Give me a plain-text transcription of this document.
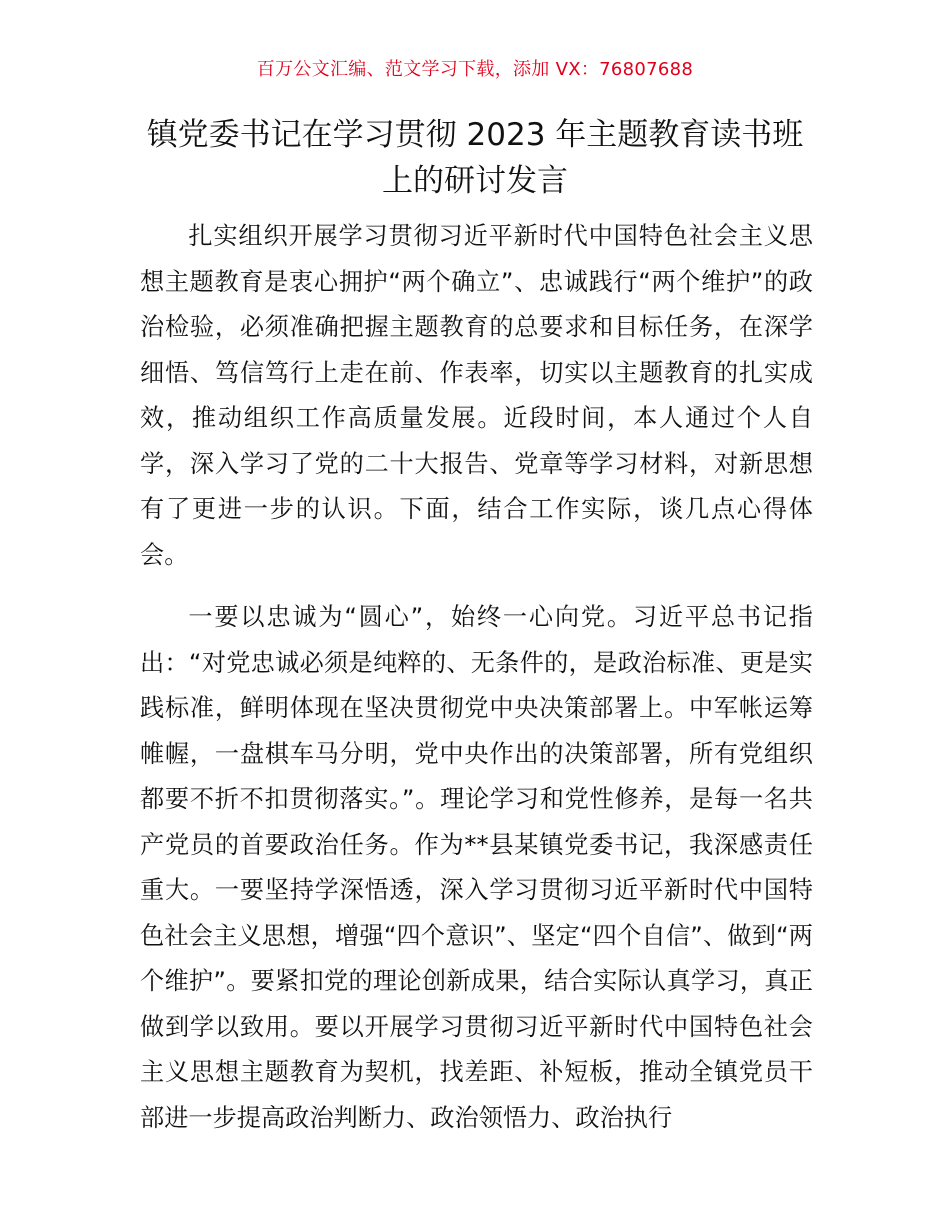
百万公文汇编、范文学习下载，添加 VX：76807688
镇党委书记在学习贯彻 2023 年主题教育读书班
上的研讨发言

扎实组织开展学习贯彻习近平新时代中国特色社会主义思想主题教育是衷心拥护“两个确立”、忠诚践行“两个维护”的政治检验，必须准确把握主题教育的总要求和目标任务，在深学细悟、笃信笃行上走在前、作表率，切实以主题教育的扎实成效，推动组织工作高质量发展。近段时间，本人通过个人自学，深入学习了党的二十大报告、党章等学习材料，对新思想有了更进一步的认识。下面，结合工作实际，谈几点心得体会。

一要以忠诚为“圆心”，始终一心向党。习近平总书记指出：“对党忠诚必须是纯粹的、无条件的，是政治标准、更是实践标准，鲜明体现在坚决贯彻党中央决策部署上。中军帐运筹帷幄，一盘棋车马分明，党中央作出的决策部署，所有党组织都要不折不扣贯彻落实。”。理论学习和党性修养，是每一名共产党员的首要政治任务。作为**县某镇党委书记，我深感责任重大。一要坚持学深悟透，深入学习贯彻习近平新时代中国特色社会主义思想，增强“四个意识”、坚定“四个自信”、做到“两个维护”。要紧扣党的理论创新成果，结合实际认真学习，真正做到学以致用。要以开展学习贯彻习近平新时代中国特色社会主义思想主题教育为契机，找差距、补短板，推动全镇党员干部进一步提高政治判断力、政治领悟力、政治执行
